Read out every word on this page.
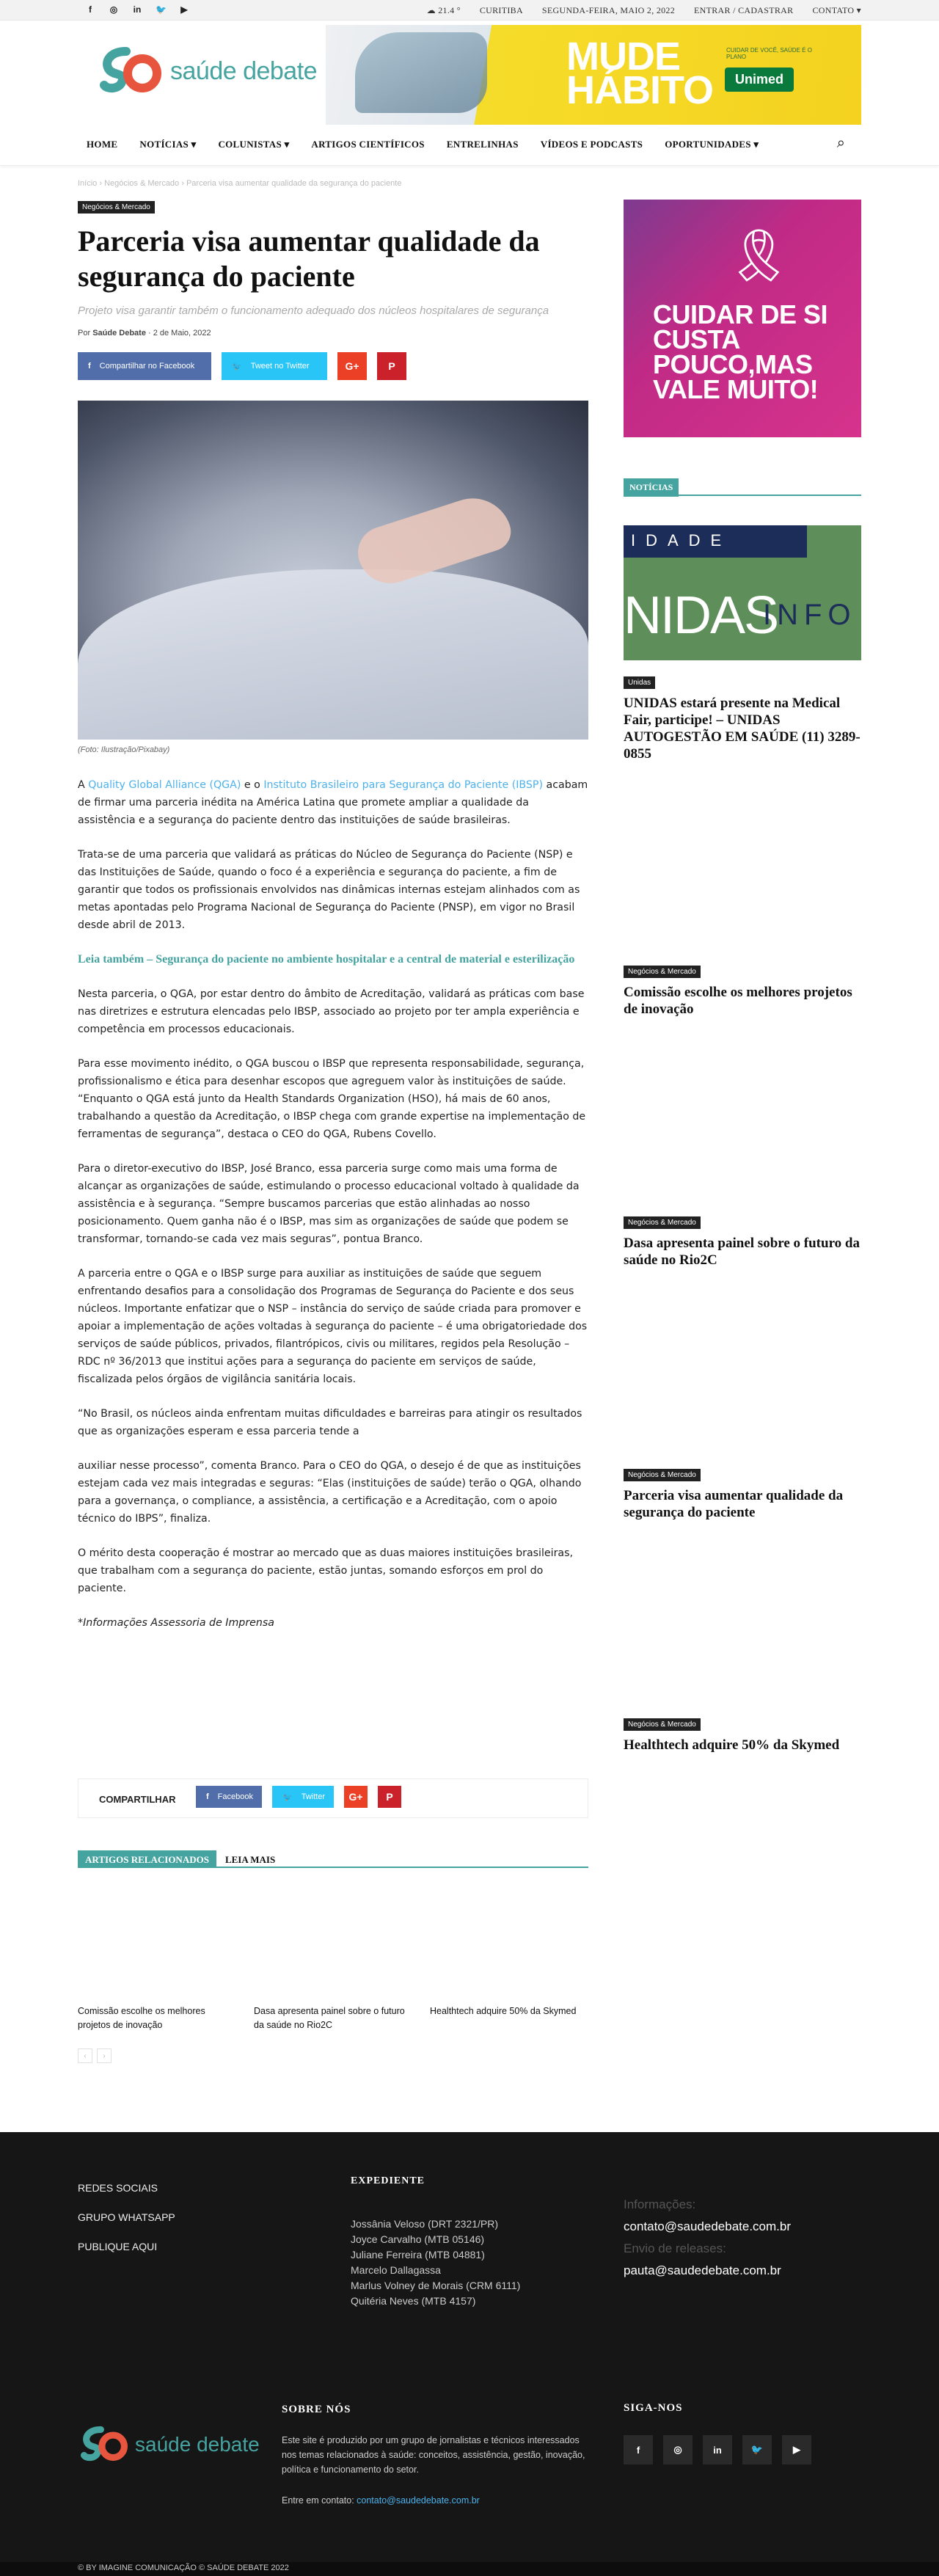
f	◎ in 🐦 ▶	☁ 21.4 ° CURITIBA SEGUNDA-FEIRA, MAIO 2, 2022 ENTRAR / CADASTRAR CONTATO ▾
saúde debate	MUDE
HÁBITO
CUIDAR DE VOCÊ, SAÚDE É O PLANO
Unimed
HOME NOTÍCIAS ▾ COLUNISTAS ▾ ARTIGOS CIENTÍFICOS ENTRELINHAS VÍDEOS E PODCASTS OPORTUNIDADES ▾	⌕
Início › Negócios & Mercado › Parceria visa aumentar qualidade da segurança do paciente
Negócios & Mercado
Parceria visa aumentar qualidade da segurança do paciente
Projeto visa garantir também o funcionamento adequado dos núcleos hospitalares de segurança
Por Saúde Debate · 2 de Maio, 2022
f Compartilhar no Facebook	🐦 Tweet no Twitter	G+	P
(Foto: Ilustração/Pixabay)

A Quality Global Alliance (QGA) e o Instituto Brasileiro para Segurança do Paciente (IBSP) acabam de firmar uma parceria inédita na América Latina que promete ampliar a qualidade da assistência e a segurança do paciente dentro das instituições de saúde brasileiras.

Trata-se de uma parceria que validará as práticas do Núcleo de Segurança do Paciente (NSP) e das Instituições de Saúde, quando o foco é a experiência e segurança do paciente, a fim de garantir que todos os profissionais envolvidos nas dinâmicas internas estejam alinhados com as metas apontadas pelo Programa Nacional de Segurança do Paciente (PNSP), em vigor no Brasil desde abril de 2013.

Leia também – Segurança do paciente no ambiente hospitalar e a central de material e esterilização

Nesta parceria, o QGA, por estar dentro do âmbito de Acreditação, validará as práticas com base nas diretrizes e estrutura elencadas pelo IBSP, associado ao projeto por ter ampla experiência e competência em processos educacionais.

Para esse movimento inédito, o QGA buscou o IBSP que representa responsabilidade, segurança, profissionalismo e ética para desenhar escopos que agreguem valor às instituições de saúde. “Enquanto o QGA está junto da Health Standards Organization (HSO), há mais de 60 anos, trabalhando a questão da Acreditação, o IBSP chega com grande expertise na implementação de ferramentas de segurança”, destaca o CEO do QGA, Rubens Covello.

Para o diretor-executivo do IBSP, José Branco, essa parceria surge como mais uma forma de alcançar as organizações de saúde, estimulando o processo educacional voltado à qualidade da assistência e à segurança. “Sempre buscamos parcerias que estão alinhadas ao nosso posicionamento. Quem ganha não é o IBSP, mas sim as organizações de saúde que podem se transformar, tornando-se cada vez mais seguras”, pontua Branco.

A parceria entre o QGA e o IBSP surge para auxiliar as instituições de saúde que seguem enfrentando desafios para a consolidação dos Programas de Segurança do Paciente e dos seus núcleos. Importante enfatizar que o NSP – instância do serviço de saúde criada para promover e apoiar a implementação de ações voltadas à segurança do paciente – é uma obrigatoriedade dos serviços de saúde públicos, privados, filantrópicos, civis ou militares, regidos pela Resolução – RDC nº 36/2013 que institui ações para a segurança do paciente em serviços de saúde, fiscalizada pelos órgãos de vigilância sanitária locais.

“No Brasil, os núcleos ainda enfrentam muitas dificuldades e barreiras para atingir os resultados que as organizações esperam e essa parceria tende a

auxiliar nesse processo”, comenta Branco. Para o CEO do QGA, o desejo é de que as instituições estejam cada vez mais integradas e seguras: “Elas (instituições de saúde) terão o QGA, olhando para a governança, o compliance, a assistência, a certificação e a Acreditação, com o apoio técnico do IBPS”, finaliza.

O mérito desta cooperação é mostrar ao mercado que as duas maiores instituições brasileiras, que trabalham com a segurança do paciente, estão juntas, somando esforços em prol do paciente.

*Informações Assessoria de Imprensa

COMPARTILHAR	f Facebook	🐦 Twitter	G+	P
ARTIGOS RELACIONADOS	LEIA MAIS
Comissão escolhe os melhores projetos de inovação
Dasa apresenta painel sobre o futuro da saúde no Rio2C
Healthtech adquire 50% da Skymed
‹	›
🎗
CUIDAR DE SI CUSTA POUCO,MAS VALE MUITO!
NOTÍCIAS
IDADE
NIDAS
INFO
Unidas
UNIDAS estará presente na Medical Fair, participe! – UNIDAS AUTOGESTÃO EM SAÚDE (11) 3289-0855
Negócios & Mercado
Comissão escolhe os melhores projetos de inovação
Negócios & Mercado
Dasa apresenta painel sobre o futuro da saúde no Rio2C
Negócios & Mercado
Parceria visa aumentar qualidade da segurança do paciente
Negócios & Mercado
Healthtech adquire 50% da Skymed
REDES SOCIAIS
GRUPO WHATSAPP
PUBLIQUE AQUI
EXPEDIENTE
Jossânia Veloso (DRT 2321/PR)
Joyce Carvalho (MTB 05146)
Juliane Ferreira (MTB 04881)
Marcelo Dallagassa
Marlus Volney de Morais (CRM 6111)
Quitéria Neves (MTB 4157)
Informações:
contato@saudedebate.com.br
Envio de releases:
pauta@saudedebate.com.br
saúde debate
SOBRE NÓS
Este site é produzido por um grupo de jornalistas e técnicos interessados nos temas relacionados à saúde: conceitos, assistência, gestão, inovação, política e funcionamento do setor.
Entre em contato: contato@saudedebate.com.br
SIGA-NOS
f	◎	in	🐦	▶
© BY IMAGINE COMUNICAÇÃO © SAÚDE DEBATE 2022
